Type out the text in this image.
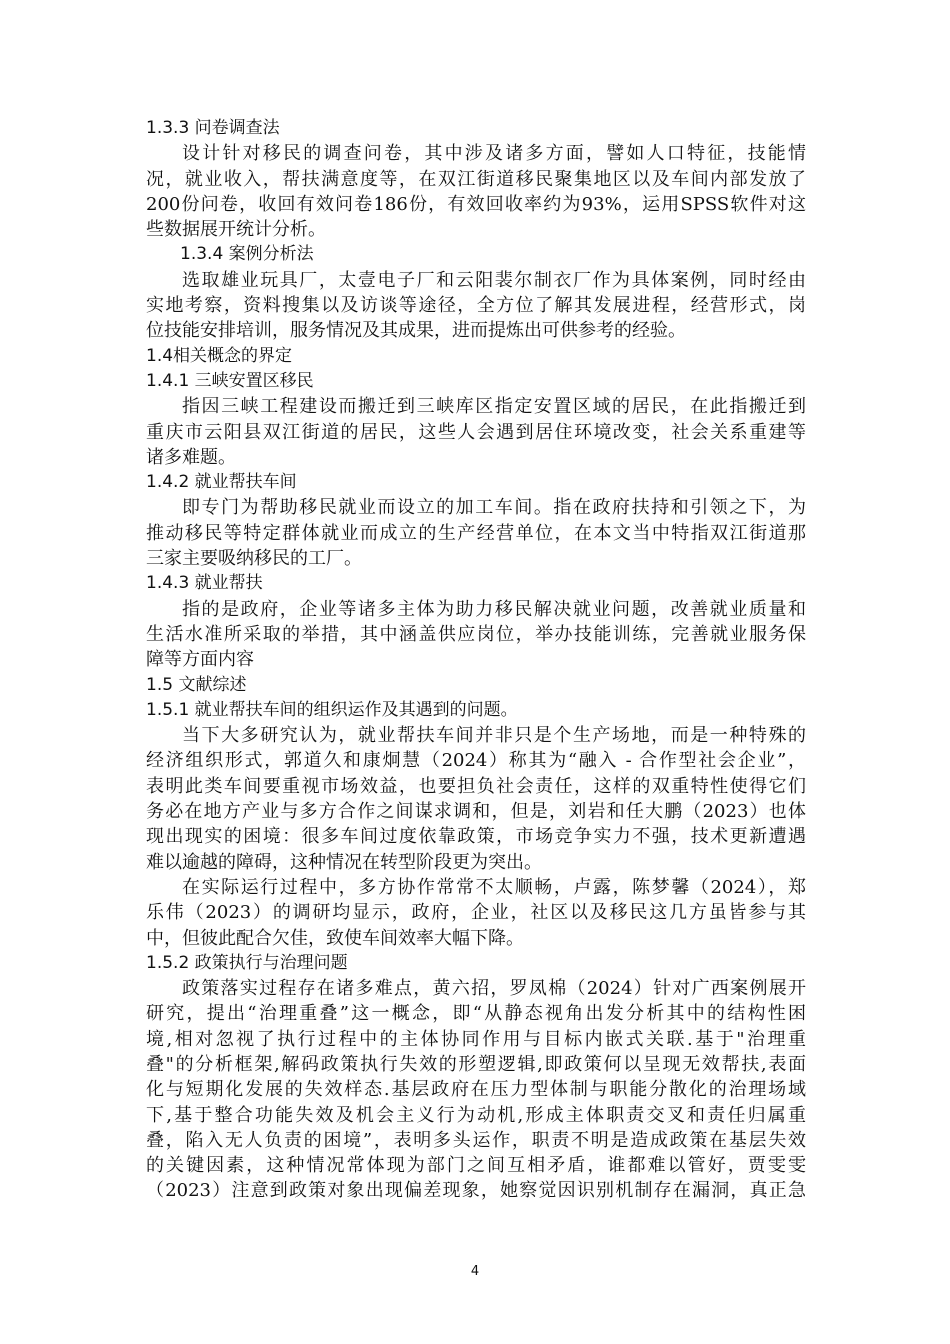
1.3.3 问卷调查法
设计针对移民的调查问卷，其中涉及诸多方面，譬如人口特征，技能情
况，就业收入，帮扶满意度等，在双江街道移民聚集地区以及车间内部发放了
200份问卷，收回有效问卷186份，有效回收率约为93%，运用SPSS软件对这
些数据展开统计分析。
1.3.4 案例分析法
选取雄业玩具厂，太壹电子厂和云阳裴尔制衣厂作为具体案例，同时经由
实地考察，资料搜集以及访谈等途径，全方位了解其发展进程，经营形式，岗
位技能安排培训，服务情况及其成果，进而提炼出可供参考的经验。
1.4相关概念的界定
1.4.1 三峡安置区移民
指因三峡工程建设而搬迁到三峡库区指定安置区域的居民，在此指搬迁到
重庆市云阳县双江街道的居民，这些人会遇到居住环境改变，社会关系重建等
诸多难题。
1.4.2 就业帮扶车间
即专门为帮助移民就业而设立的加工车间。指在政府扶持和引领之下，为
推动移民等特定群体就业而成立的生产经营单位，在本文当中特指双江街道那
三家主要吸纳移民的工厂。
1.4.3 就业帮扶
指的是政府，企业等诸多主体为助力移民解决就业问题，改善就业质量和
生活水准所采取的举措，其中涵盖供应岗位，举办技能训练，完善就业服务保
障等方面内容
1.5 文献综述
1.5.1 就业帮扶车间的组织运作及其遇到的问题。
当下大多研究认为，就业帮扶车间并非只是个生产场地，而是一种特殊的
经济组织形式，郭道久和康炯慧（2024）称其为“融入 - 合作型社会企业”，
表明此类车间要重视市场效益，也要担负社会责任，这样的双重特性使得它们
务必在地方产业与多方合作之间谋求调和，但是，刘岩和任大鹏（2023）也体
现出现实的困境：很多车间过度依靠政策，市场竞争实力不强，技术更新遭遇
难以逾越的障碍，这种情况在转型阶段更为突出。
在实际运行过程中，多方协作常常不太顺畅，卢露，陈梦馨（2024），郑
乐伟（2023）的调研均显示，政府，企业，社区以及移民这几方虽皆参与其
中，但彼此配合欠佳，致使车间效率大幅下降。
1.5.2 政策执行与治理问题
政策落实过程存在诸多难点，黄六招，罗凤棉（2024）针对广西案例展开
研究，提出“治理重叠”这一概念，即“从静态视角出发分析其中的结构性困
境,相对忽视了执行过程中的主体协同作用与目标内嵌式关联.基于"治理重
叠"的分析框架,解码政策执行失效的形塑逻辑,即政策何以呈现无效帮扶,表面
化与短期化发展的失效样态.基层政府在压力型体制与职能分散化的治理场域
下,基于整合功能失效及机会主义行为动机,形成主体职责交叉和责任归属重
叠，陷入无人负责的困境”，表明多头运作，职责不明是造成政策在基层失效
的关键因素，这种情况常体现为部门之间互相矛盾，谁都难以管好，贾雯雯
（2023）注意到政策对象出现偏差现象，她察觉因识别机制存在漏洞，真正急
4
